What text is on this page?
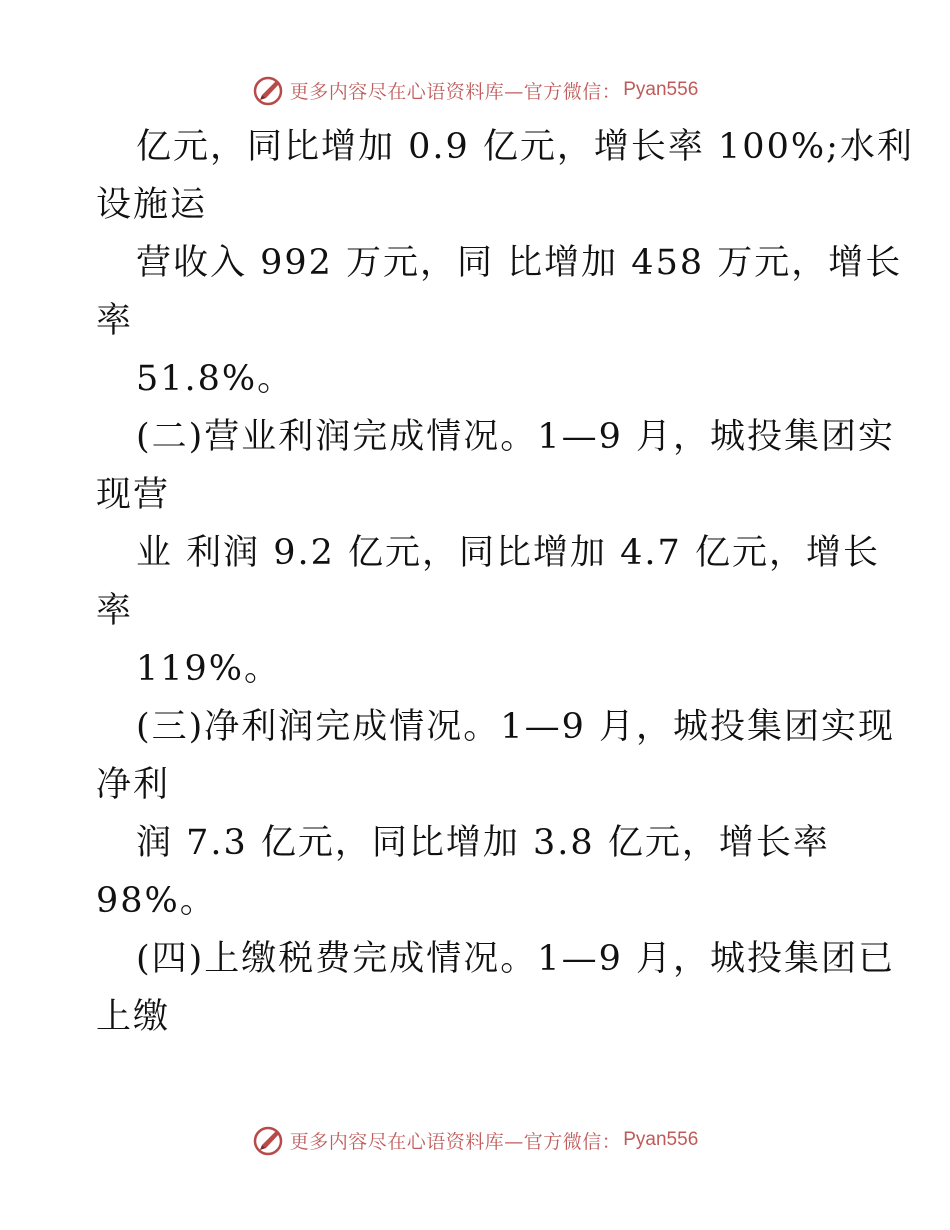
更多内容尽在心语资料库—官方微信： Pyan556
亿元，同比增加 0.9 亿元，增长率 100%;水利
设施运
营收入 992 万元，同 比增加 458 万元，增长
率
51.8%。
(二)营业利润完成情况。1—9 月，城投集团实
现营
业 利润 9.2 亿元，同比增加 4.7 亿元，增长
率
119%。
(三)净利润完成情况。1—9 月，城投集团实现
净利
润 7.3 亿元，同比增加 3.8 亿元，增长率
98%。
(四)上缴税费完成情况。1—9 月，城投集团已
上缴
更多内容尽在心语资料库—官方微信： Pyan556
